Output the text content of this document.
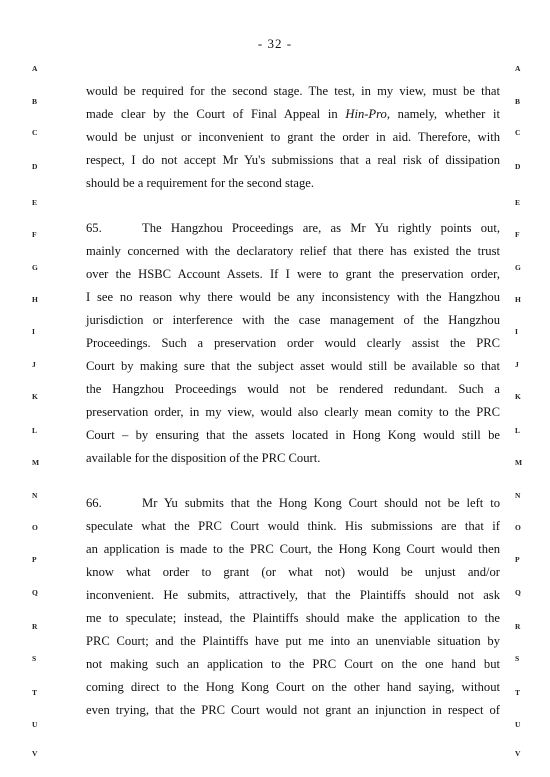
- 32 -
A	A
B	B
C	C
D	D
E	E
F	F
G	G
H	H
I	I
J	J
K	K
L	L
M	M
N	N
O	O
P	P
Q	Q
R	R
S	S
T	T
U	U
V	V
would be required for the second stage. The test, in my view, must be that
made clear by the Court of Final Appeal in Hin-Pro, namely, whether it
would be unjust or inconvenient to grant the order in aid. Therefore, with
respect, I do not accept Mr Yu's submissions that a real risk of dissipation
should be a requirement for the second stage.
65.	The Hangzhou Proceedings are, as Mr Yu rightly points out,
mainly concerned with the declaratory relief that there has existed the trust
over the HSBC Account Assets. If I were to grant the preservation order,
I see no reason why there would be any inconsistency with the Hangzhou
jurisdiction or interference with the case management of the Hangzhou
Proceedings. Such a preservation order would clearly assist the PRC
Court by making sure that the subject asset would still be available so that
the Hangzhou Proceedings would not be rendered redundant. Such a
preservation order, in my view, would also clearly mean comity to the PRC
Court – by ensuring that the assets located in Hong Kong would still be
available for the disposition of the PRC Court.
66.	Mr Yu submits that the Hong Kong Court should not be left to
speculate what the PRC Court would think. His submissions are that if
an application is made to the PRC Court, the Hong Kong Court would then
know what order to grant (or what not) would be unjust and/or
inconvenient. He submits, attractively, that the Plaintiffs should not ask
me to speculate; instead, the Plaintiffs should make the application to the
PRC Court; and the Plaintiffs have put me into an unenviable situation by
not making such an application to the PRC Court on the one hand but
coming direct to the Hong Kong Court on the other hand saying, without
even trying, that the PRC Court would not grant an injunction in respect of
